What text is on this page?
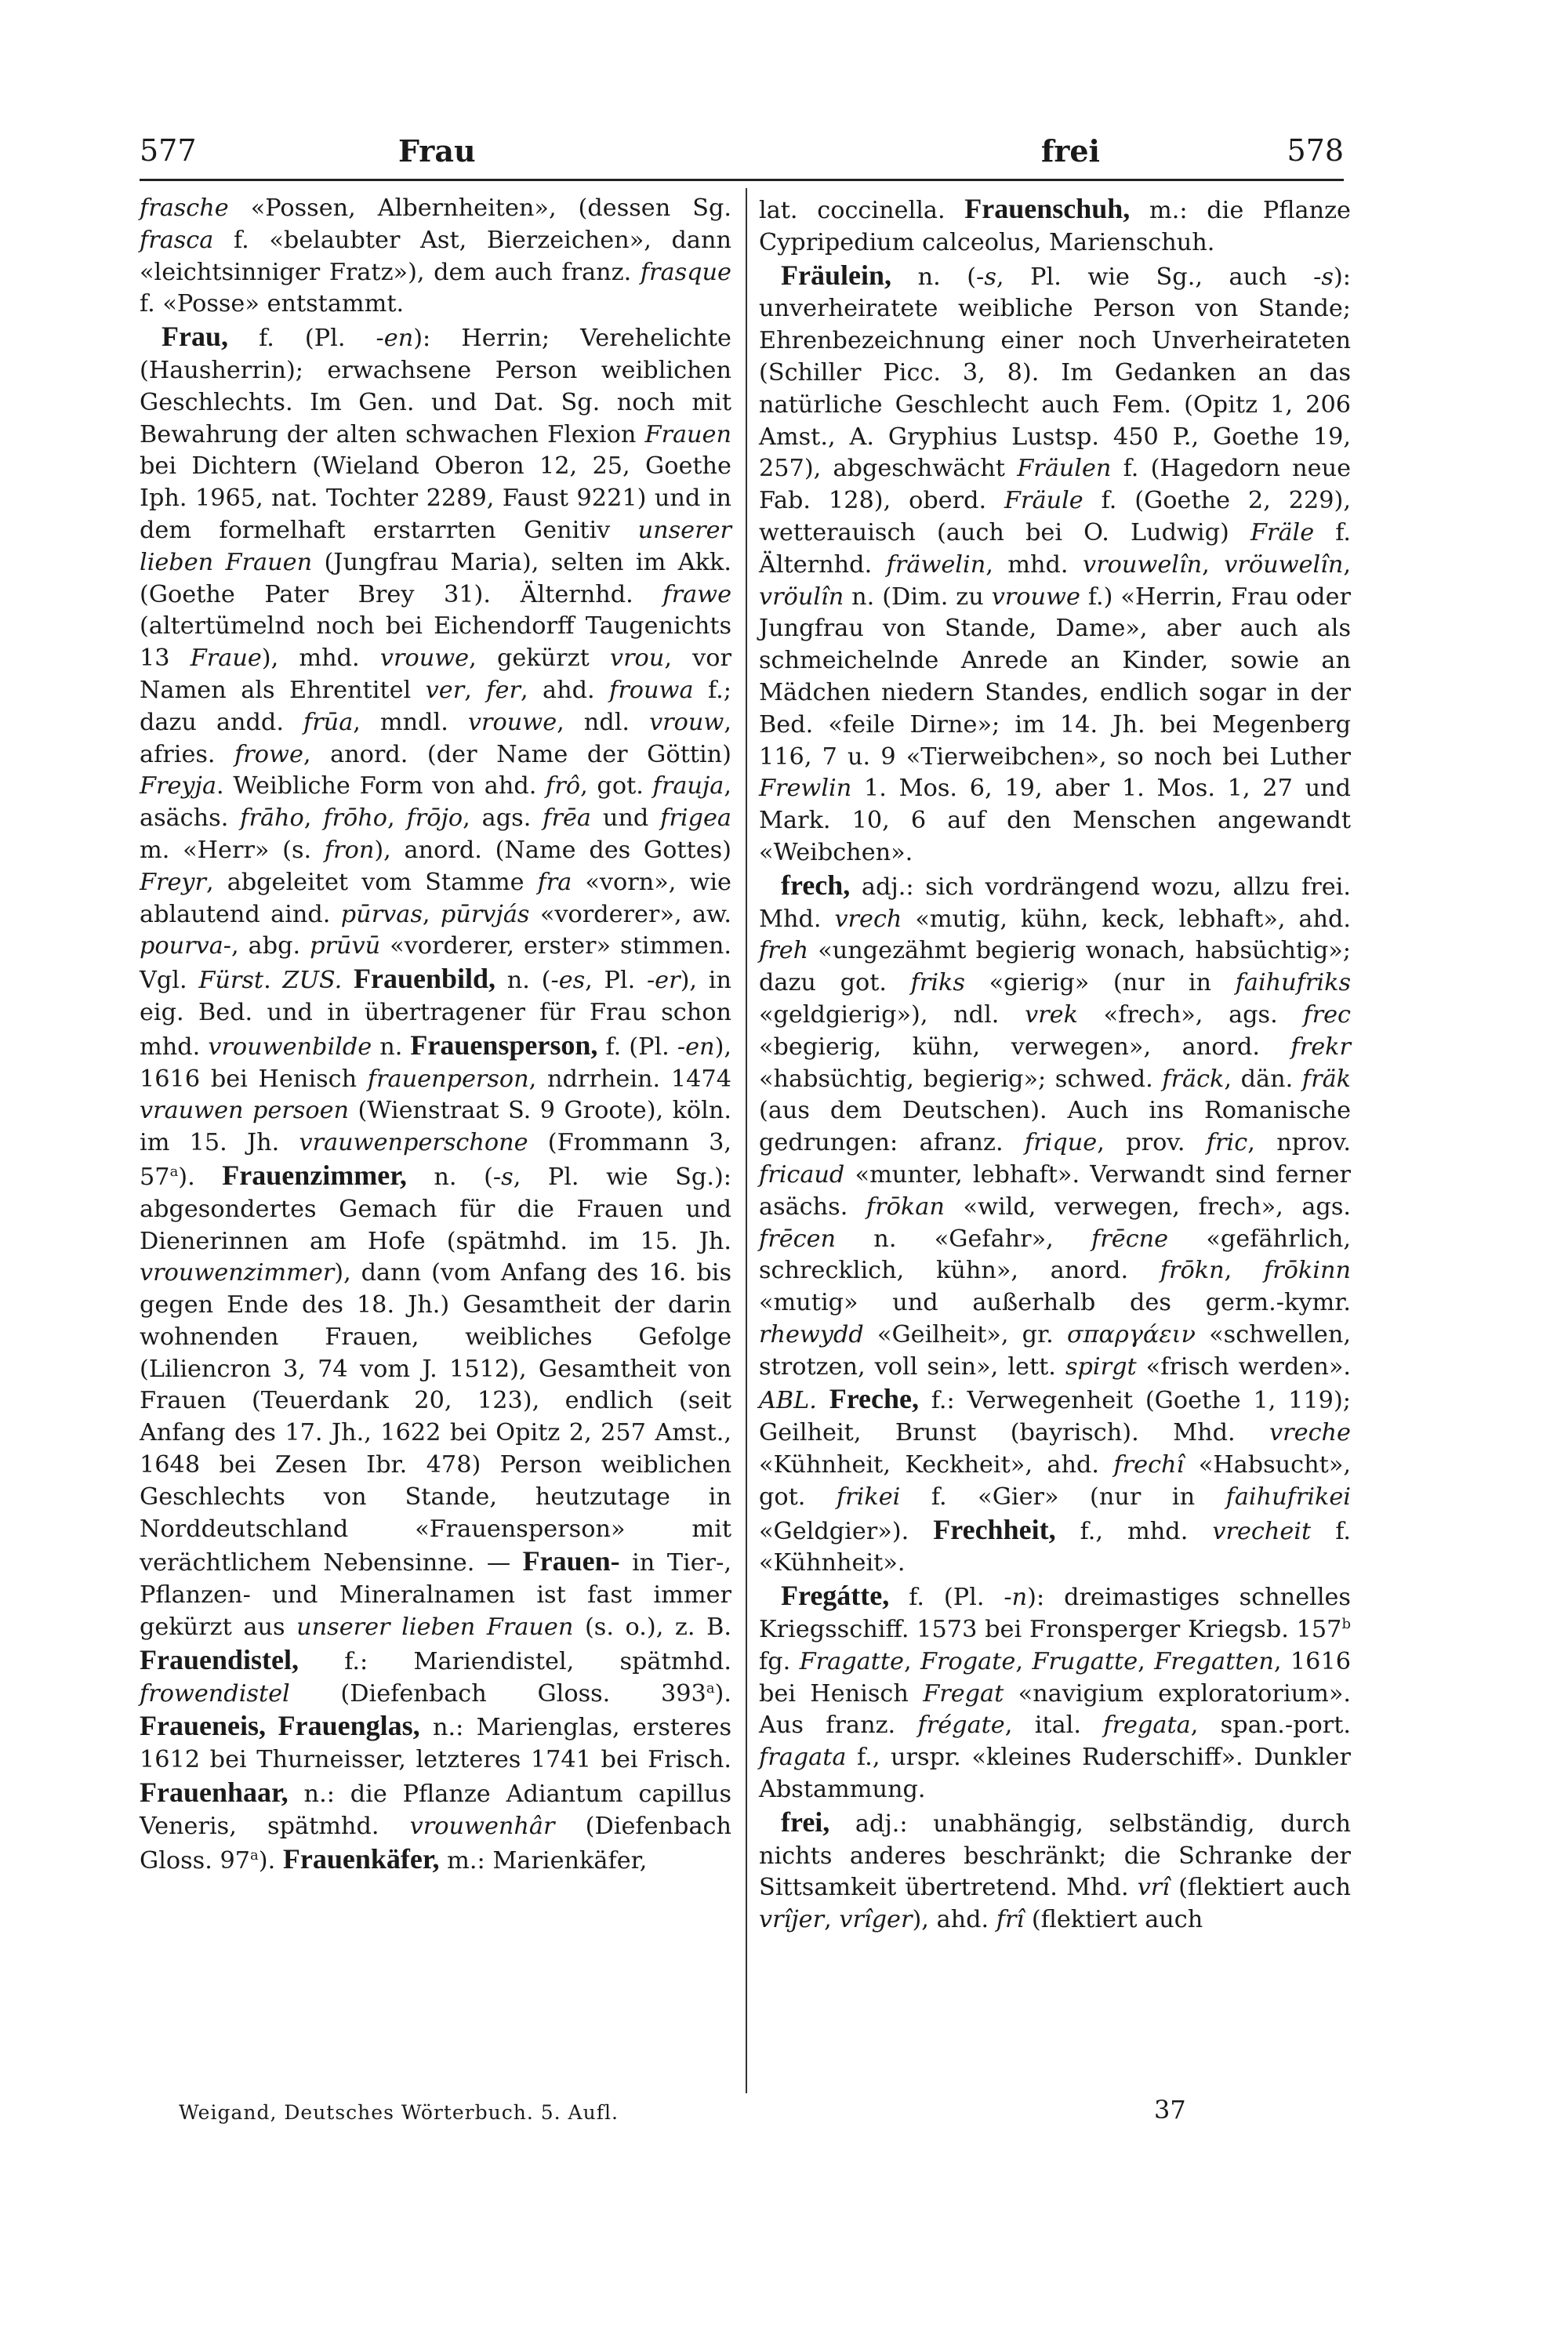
577	Frau	frei	578

frasche «Possen, Albernheiten», (dessen Sg. frasca f. «belaubter Ast, Bierzeichen», dann «leichtsinniger Fratz»), dem auch franz. frasque f. «Posse» entstammt.

Frau, f. (Pl. -en): Herrin; Verehelichte (Hausherrin); erwachsene Person weiblichen Geschlechts. Im Gen. und Dat. Sg. noch mit Bewahrung der alten schwachen Flexion Frauen bei Dichtern (Wieland Oberon 12, 25, Goethe Iph. 1965, nat. Tochter 2289, Faust 9221) und in dem formelhaft erstarrten Genitiv unserer lieben Frauen (Jungfrau Maria), selten im Akk. (Goethe Pater Brey 31). Älternhd. frawe (altertümelnd noch bei Eichendorff Taugenichts 13 Fraue), mhd. vrouwe, gekürzt vrou, vor Namen als Ehrentitel ver, fer, ahd. frouwa f.; dazu andd. frūa, mndl. vrouwe, ndl. vrouw, afries. frowe, anord. (der Name der Göttin) Freyja. Weibliche Form von ahd. frô, got. frauja, asächs. frāho, frōho, frōjo, ags. frēa und frigea m. «Herr» (s. fron), anord. (Name des Gottes) Freyr, abgeleitet vom Stamme fra «vorn», wie ablautend aind. pūrvas, pūrvjás «vorderer», aw. pourva-, abg. prūvū «vorderer, erster» stimmen. Vgl. Fürst. ZUS. Frauenbild, n. (-es, Pl. -er), in eig. Bed. und in übertragener für Frau schon mhd. vrouwenbilde n. Frauensperson, f. (Pl. -en), 1616 bei Henisch frauenperson, ndrrhein. 1474 vrauwen persoen (Wienstraat S. 9 Groote), köln. im 15. Jh. vrauwenperschone (Frommann 3, 57$^a$). Frauenzimmer, n. (-s, Pl. wie Sg.): abgesondertes Gemach für die Frauen und Dienerinnen am Hofe (spätmhd. im 15. Jh. vrouwenzimmer), dann (vom Anfang des 16. bis gegen Ende des 18. Jh.) Gesamtheit der darin wohnenden Frauen, weibliches Gefolge (Liliencron 3, 74 vom J. 1512), Gesamtheit von Frauen (Teuerdank 20, 123), endlich (seit Anfang des 17. Jh., 1622 bei Opitz 2, 257 Amst., 1648 bei Zesen Ibr. 478) Person weiblichen Geschlechts von Stande, heutzutage in Norddeutschland «Frauensperson» mit verächtlichem Nebensinne. — Frauen- in Tier-, Pflanzen- und Mineralnamen ist fast immer gekürzt aus unserer lieben Frauen (s. o.), z. B. Frauendistel, f.: Mariendistel, spätmhd. frowendistel (Diefenbach Gloss. 393$^a$). Fraueneis, Frauenglas, n.: Marienglas, ersteres 1612 bei Thurneisser, letzteres 1741 bei Frisch. Frauenhaar, n.: die Pflanze Adiantum capillus Veneris, spätmhd. vrouwenhâr (Diefenbach Gloss. 97$^a$). Frauenkäfer, m.: Marienkäfer,

lat. coccinella. Frauenschuh, m.: die Pflanze Cypripedium calceolus, Marienschuh.

Fräulein, n. (-s, Pl. wie Sg., auch -s): unverheiratete weibliche Person von Stande; Ehrenbezeichnung einer noch Unverheirateten (Schiller Picc. 3, 8). Im Gedanken an das natürliche Geschlecht auch Fem. (Opitz 1, 206 Amst., A. Gryphius Lustsp. 450 P., Goethe 19, 257), abgeschwächt Fräulen f. (Hagedorn neue Fab. 128), oberd. Fräule f. (Goethe 2, 229), wetterauisch (auch bei O. Ludwig) Fräle f. Älternhd. fräwelin, mhd. vrouwelîn, vröuwelîn, vröulîn n. (Dim. zu vrouwe f.) «Herrin, Frau oder Jungfrau von Stande, Dame», aber auch als schmeichelnde Anrede an Kinder, sowie an Mädchen niedern Standes, endlich sogar in der Bed. «feile Dirne»; im 14. Jh. bei Megenberg 116, 7 u. 9 «Tierweibchen», so noch bei Luther Frewlin 1. Mos. 6, 19, aber 1. Mos. 1, 27 und Mark. 10, 6 auf den Menschen angewandt «Weibchen».

frech, adj.: sich vordrängend wozu, allzu frei. Mhd. vrech «mutig, kühn, keck, lebhaft», ahd. freh «ungezähmt begierig wonach, habsüchtig»; dazu got. friks «gierig» (nur in faihufriks «geldgierig»), ndl. vrek «frech», ags. frec «begierig, kühn, verwegen», anord. frekr «habsüchtig, begierig»; schwed. fräck, dän. fräk (aus dem Deutschen). Auch ins Romanische gedrungen: afranz. frique, prov. fric, nprov. fricaud «munter, lebhaft». Verwandt sind ferner asächs. frōkan «wild, verwegen, frech», ags. frēcen n. «Gefahr», frēcne «gefährlich, schrecklich, kühn», anord. frōkn, frōkinn «mutig» und außerhalb des germ.-kymr. rhewydd «Geilheit», gr. σπαργάειν «schwellen, strotzen, voll sein», lett. spirgt «frisch werden». ABL. Freche, f.: Verwegenheit (Goethe 1, 119); Geilheit, Brunst (bayrisch). Mhd. vreche «Kühnheit, Keckheit», ahd. frechî «Habsucht», got. frikei f. «Gier» (nur in faihufrikei «Geldgier»). Frechheit, f., mhd. vrecheit f. «Kühnheit».

Fregátte, f. (Pl. -n): dreimastiges schnelles Kriegsschiff. 1573 bei Fronsperger Kriegsb. 157$^b$ fg. Fragatte, Frogate, Frugatte, Fregatten, 1616 bei Henisch Fregat «navigium exploratorium». Aus franz. frégate, ital. fregata, span.-port. fragata f., urspr. «kleines Ruderschiff». Dunkler Abstammung.

frei, adj.: unabhängig, selbständig, durch nichts anderes beschränkt; die Schranke der Sittsamkeit übertretend. Mhd. vrî (flektiert auch vrîjer, vrîger), ahd. frî (flektiert auch

Weigand, Deutsches Wörterbuch. 5. Aufl.	37
